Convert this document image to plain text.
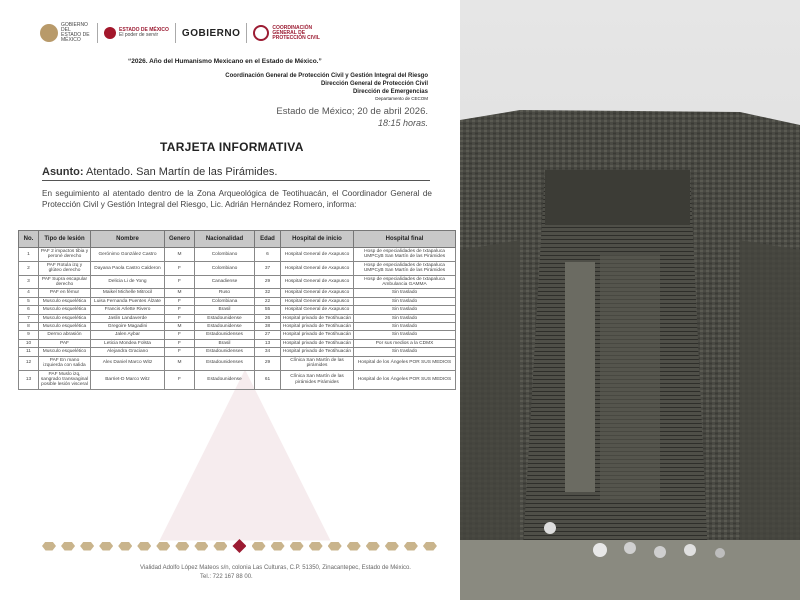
GOBIERNO DEL ESTADO DE MÉXICO
ESTADO DE MÉXICO
El poder de servir	GOBIERNO	COORDINACIÓN GENERAL DE PROTECCIÓN CIVIL
“2026. Año del Humanismo Mexicano en el Estado de México.”
Coordinación General de Protección Civil y Gestión Integral del Riesgo
Dirección General de Protección Civil
Dirección de Emergencias
Departamento de CECOM
Estado de México; 20 de abril 2026.
18:15 horas.
TARJETA INFORMATIVA
Asunto: Atentado. San Martín de las Pirámides.
En seguimiento al atentado dentro de la Zona Arqueológica de Teotihuacán, el Coordinador General de Protección Civil y Gestión Integral del Riesgo, Lic. Adrián Hernández Romero, informa:
No.	Tipo de lesión	Nombre	Genero	Nacionalidad	Edad	Hospital de inicio	Hospital final
1	PAF 2 impactos tibia y peroné derecho	Gerónimo González Castro	M	Colombiano	6	Hospital General de Axapusco	Hosp de especialidades de Ixtapaluca UMPCyB San Martín de las Pirámides
2	PAF Rotula izq y glúteo derecho	Dayana Paola Castro Calderon	F	Colombiano	37	Hospital General de Axapusco	Hosp de especialidades de Ixtapaluca UMPCyB San Martín de las Pirámides
3	PAF Supra escapular derecho	Delicia Li de Yong	F	Canadiense	29	Hospital General de Axapusco	Hosp de especialidades de Ixtapaluca Ambulancia GAMMA
4	PAF en fémur	Maikel Michelle Mitrocil	M	Ruso	32	Hospital General de Axapusco	Sin traslado
5	Musculo esquelética	Luisa Fernanda Puentes Álzate	F	Colombiana	22	Hospital General de Axapusco	Sin traslado
6	Musculo esquelética	Francis Arlette Rivero	F	Brasil	55	Hospital General de Axapusco	Sin traslado
7	Musculo esquelética	Jaslin Landaverde	F	Estadounidense	26	Hospital privado de Teotihuacán	Sin traslado
8	Musculo esquelética	Gregoire Magadini	M	Estadounidense	38	Hospital privado de Teotihuacán	Sin traslado
9	Dermo abrasión	Jalen Aybar	F	Estadounidenses	27	Hospital privado de Teotihuacán	Sin traslado
10	PAF	Leticia Mondea Folsta	F	Brasil	13	Hospital privado de Teotihuacán	Por sus medios a la CDMX
11	Musculo esquelético	Alejandra Graciano	F	Estadounidenses	34	Hospital privado de Teotihuacán	Sin traslado
12	PAF En mano izquierda con salida	Alex Daniel Marco Witz	M	Estadounidenses	29	Clínica San Martín de las pirámides	Hospital de los Ángeles POR SUS MEDIOS
13	PAF Muslo izq, sangrado transvaginal posible lesión visceral	Barriet-D Marco Witz	F	Estadounidense	61	Clínica San Martín de las pirámides Pirámides	Hospital de los Ángeles POR SUS MEDIOS
Vialidad Adolfo López Mateos s/n, colonia Las Culturas, C.P. 51350, Zinacantepec, Estado de México.
Tel.: 722 167 88 00.
